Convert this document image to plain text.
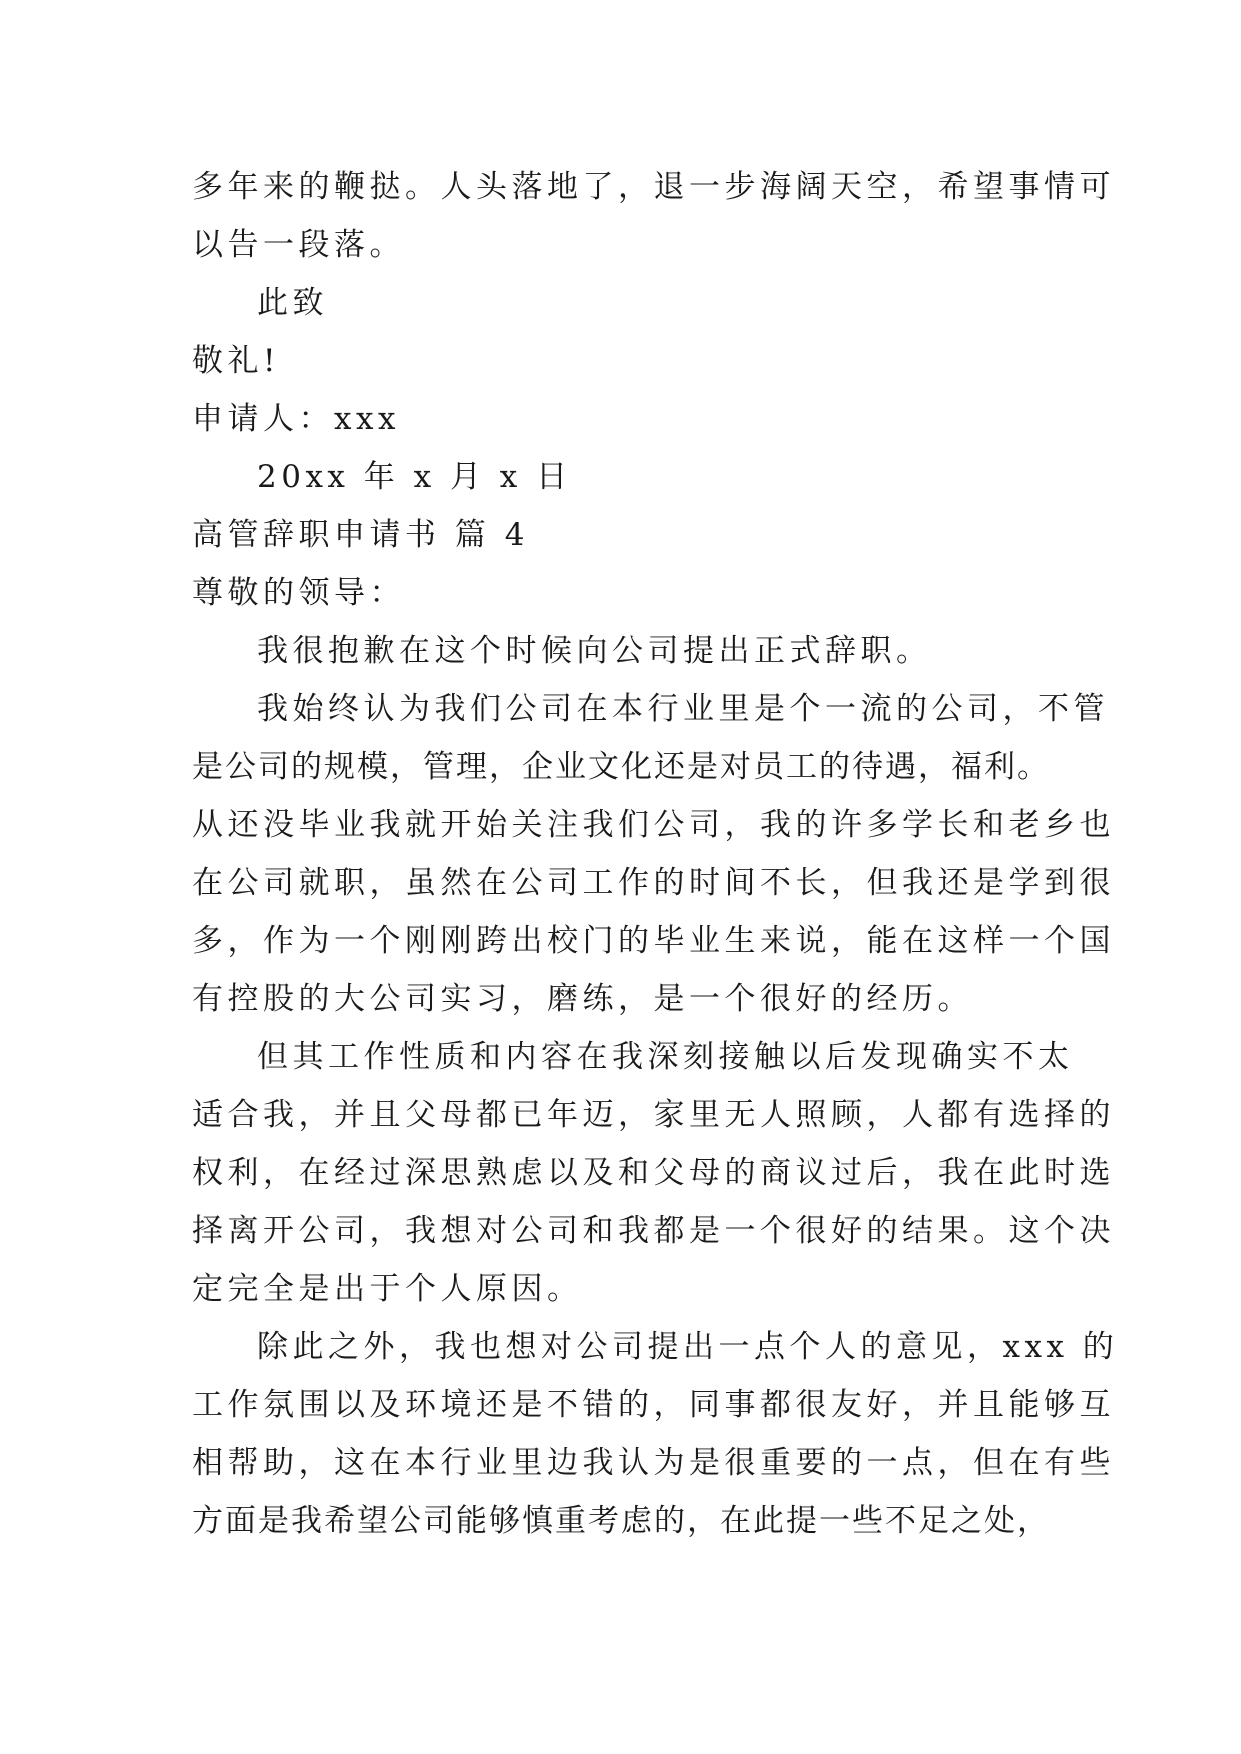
多年来的鞭挞。人头落地了，退一步海阔天空，希望事情可
以告一段落。
此致
敬礼!
申请人：xxx
20xx 年 x 月 x 日
高管辞职申请书 篇 4
尊敬的领导：
我很抱歉在这个时候向公司提出正式辞职。
我始终认为我们公司在本行业里是个一流的公司，不管
是公司的规模，管理，企业文化还是对员工的待遇，福利。
从还没毕业我就开始关注我们公司，我的许多学长和老乡也
在公司就职，虽然在公司工作的时间不长，但我还是学到很
多，作为一个刚刚跨出校门的毕业生来说，能在这样一个国
有控股的大公司实习，磨练，是一个很好的经历。
但其工作性质和内容在我深刻接触以后发现确实不太
适合我，并且父母都已年迈，家里无人照顾，人都有选择的
权利，在经过深思熟虑以及和父母的商议过后，我在此时选
择离开公司，我想对公司和我都是一个很好的结果。这个决
定完全是出于个人原因。
除此之外，我也想对公司提出一点个人的意见，xxx 的
工作氛围以及环境还是不错的，同事都很友好，并且能够互
相帮助，这在本行业里边我认为是很重要的一点，但在有些
方面是我希望公司能够慎重考虑的，在此提一些不足之处，
